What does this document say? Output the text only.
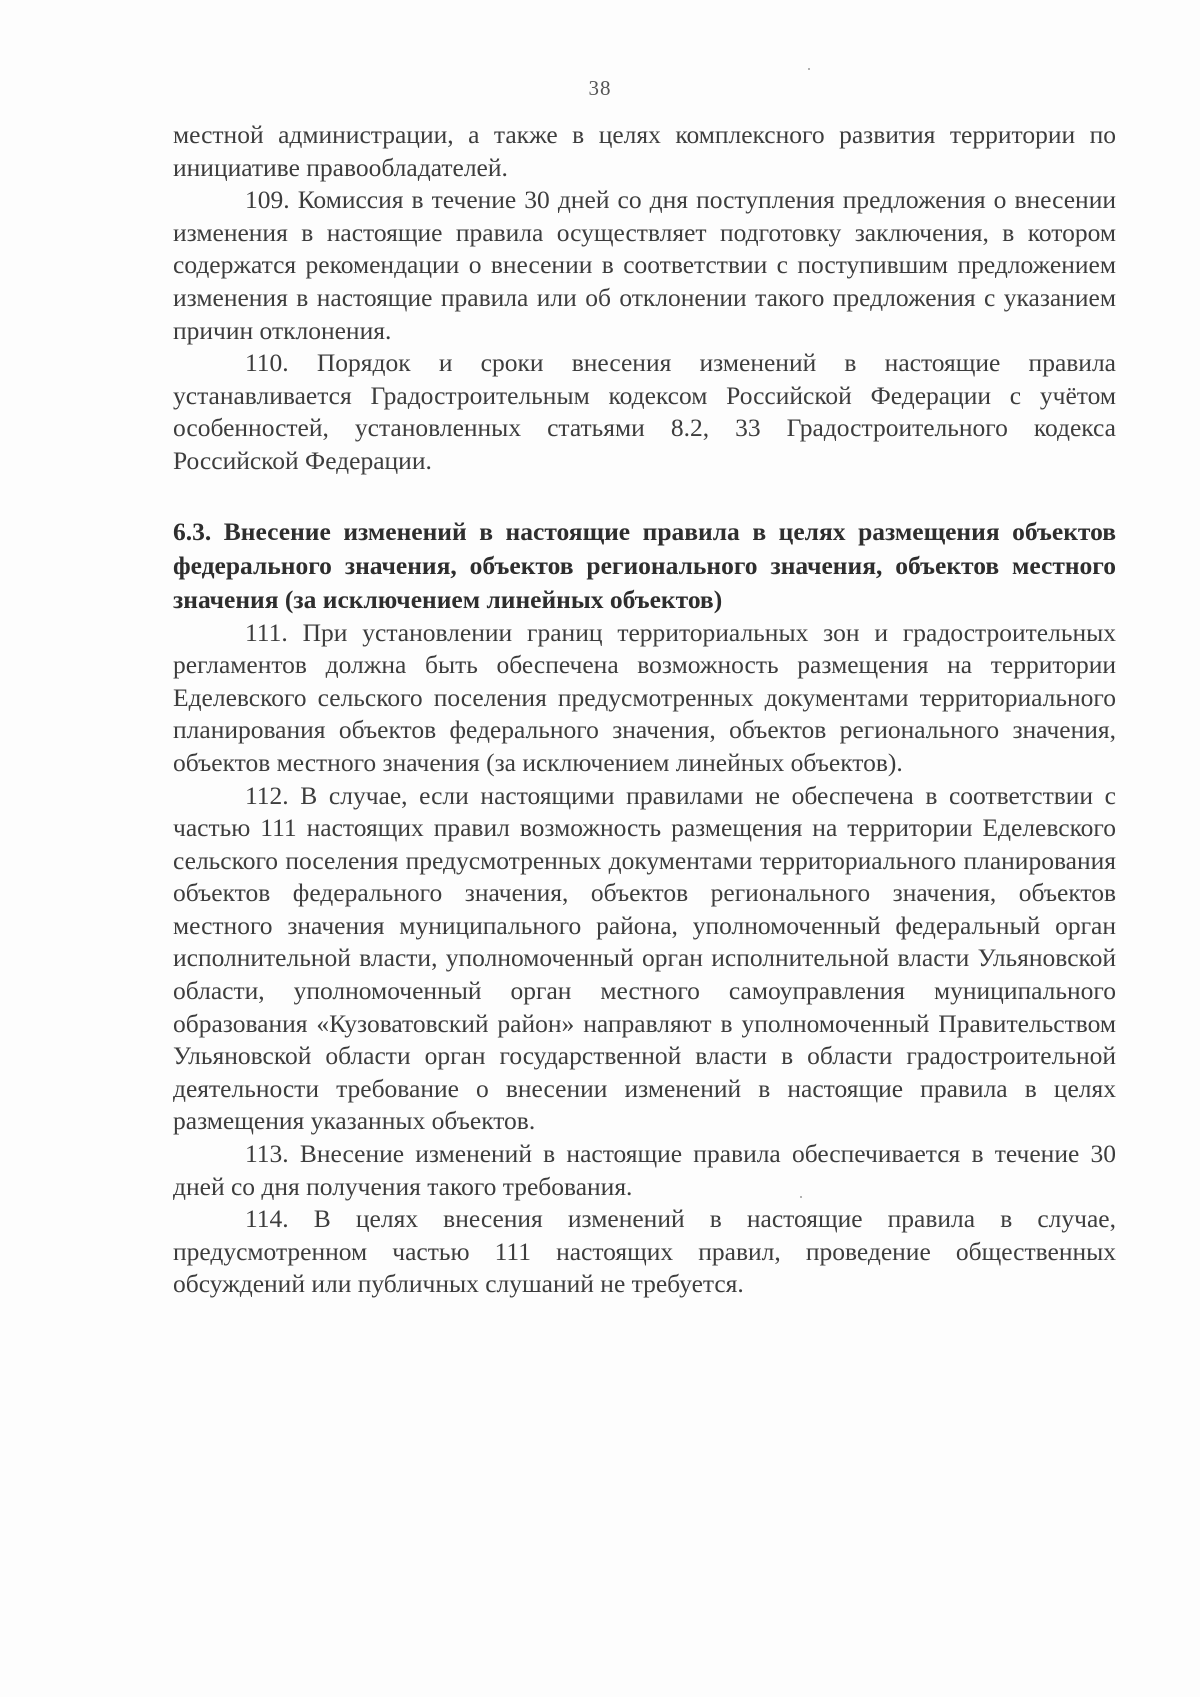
38

местной администрации, а также в целях комплексного развития территории по инициативе правообладателей.

109. Комиссия в течение 30 дней со дня поступления предложения о внесении изменения в настоящие правила осуществляет подготовку заключения, в котором содержатся рекомендации о внесении в соответствии с поступившим предложением изменения в настоящие правила или об отклонении такого предложения с указанием причин отклонения.

110. Порядок и сроки внесения изменений в настоящие правила устанавливается Градостроительным кодексом Российской Федерации с учётом особенностей, установленных статьями 8.2, 33 Градостроительного кодекса Российской Федерации.

6.3. Внесение изменений в настоящие правила в целях размещения объектов федерального значения, объектов регионального значения, объектов местного значения (за исключением линейных объектов)

111. При установлении границ территориальных зон и градостроительных регламентов должна быть обеспечена возможность размещения на территории Еделевского сельского поселения предусмотренных документами территориального планирования объектов федерального значения, объектов регионального значения, объектов местного значения (за исключением линейных объектов).

112. В случае, если настоящими правилами не обеспечена в соответствии с частью 111 настоящих правил возможность размещения на территории Еделевского сельского поселения предусмотренных документами территориального планирования объектов федерального значения, объектов регионального значения, объектов местного значения муниципального района, уполномоченный федеральный орган исполнительной власти, уполномоченный орган исполнительной власти Ульяновской области, уполномоченный орган местного самоуправления муниципального образования «Кузоватовский район» направляют в уполномоченный Правительством Ульяновской области орган государственной власти в области градостроительной деятельности требование о внесении изменений в настоящие правила в целях размещения указанных объектов.

113. Внесение изменений в настоящие правила обеспечивается в течение 30 дней со дня получения такого требования.

114. В целях внесения изменений в настоящие правила в случае, предусмотренном частью 111 настоящих правил, проведение общественных обсуждений или публичных слушаний не требуется.
